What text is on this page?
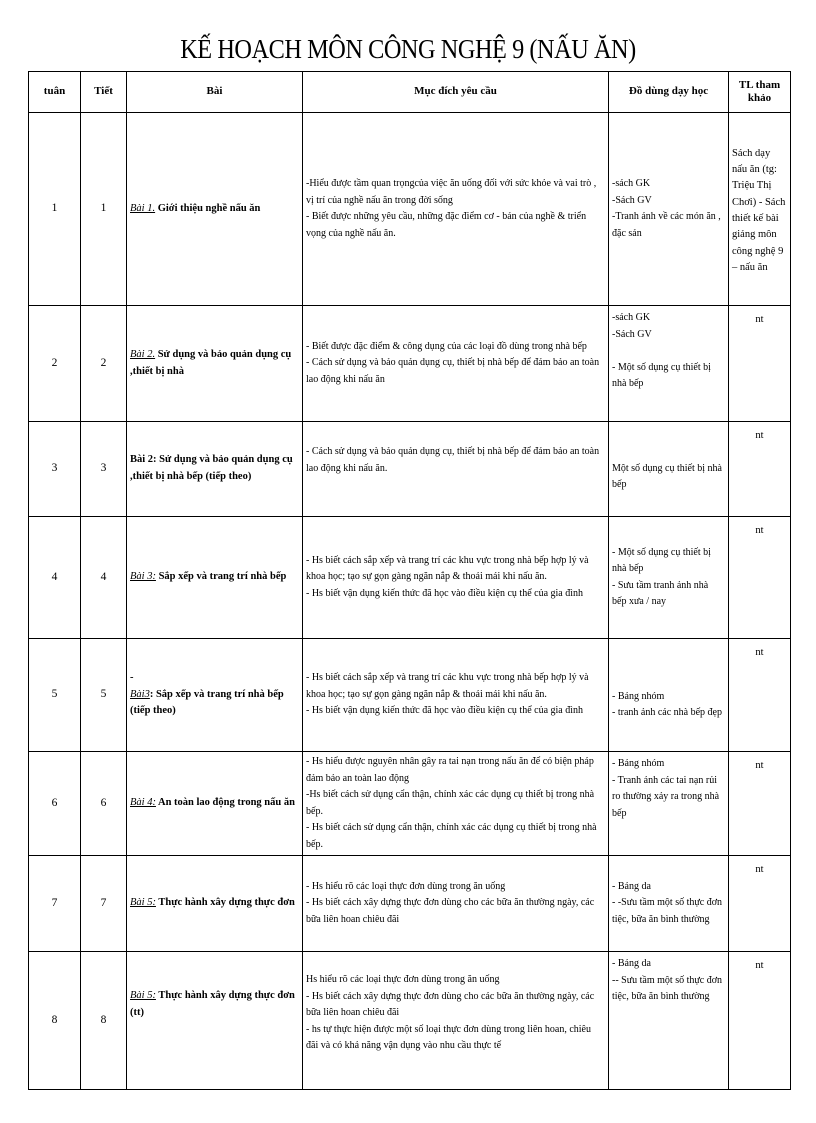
KẾ HOẠCH MÔN CÔNG NGHỆ 9 (NẤU ĂN)
tuân	Tiết	Bài	Mục đích yêu cầu	Đồ dùng dạy học	TL tham khảo
1	1	Bài 1. Giới thiệu nghề nấu ăn	-Hiểu được tầm quan trọngcủa việc ăn uống đối với sức khỏe và vai trò , vị trí của nghề nấu ăn trong đời sống
- Biết được những yêu cầu, những đặc điểm cơ - bản của nghề & triển vọng của nghề nấu ăn.	-sách GK
-Sách GV
-Tranh ảnh về các món ăn , đặc sản	Sách dạy nấu ăn (tg: Triệu Thị Chơi) - Sách thiết kế bài giảng môn công nghệ 9 – nấu ăn
2	2	Bài 2. Sử dụng và bảo quản dụng cụ ,thiết bị nhà	- Biết được đặc điểm & công dụng của các loại đồ dùng trong nhà bếp
- Cách sử dụng và bảo quản dụng cụ, thiết bị nhà bếp để đảm bảo an toàn lao động khi nấu ăn	-sách GK
-Sách GV

- Một số dụng cụ thiết bị nhà bếp	nt
3	3	Bài 2: Sử dụng và bảo quản dụng cụ ,thiết bị nhà bếp (tiếp theo)	- Cách sử dụng và bảo quản dụng cụ, thiết bị nhà bếp để đảm bảo an toàn lao động khi nấu ăn.	Một số dụng cụ thiết bị nhà bếp	nt
4	4	Bài 3: Sắp xếp và trang trí nhà bếp	- Hs biết cách sắp xếp và trang trí các khu vực trong nhà bếp hợp lý và khoa học; tạo sự gọn gàng ngăn nắp & thoải mái khi nấu ăn.
- Hs biết vận dụng kiến thức đã học vào điều kiện cụ thể của gia đình	- Một số dụng cụ thiết bị nhà bếp
- Sưu tầm tranh ảnh nhà bếp xưa / nay	nt
5	5	-
Bài3: Sắp xếp và trang trí nhà bếp (tiếp theo)	- Hs biết cách sắp xếp và trang trí các khu vực trong nhà bếp hợp lý và khoa học; tạo sự gọn gàng ngăn nắp & thoải mái khi nấu ăn.
- Hs biết vận dụng kiến thức đã học vào điều kiện cụ thể của gia đình	- Bảng nhóm
- tranh ảnh các nhà bếp đẹp	nt
6	6	Bài 4: An toàn lao động trong nấu ăn	- Hs hiểu được nguyên nhân gây ra tai nạn trong nấu ăn để có biện pháp đảm bảo an toàn lao động
-Hs biết cách sử dụng cẩn thận, chính xác các dụng cụ thiết bị trong nhà bếp.
- Hs biết cách sử dụng cẩn thận, chính xác các dụng cụ thiết bị trong nhà bếp.	- Bảng nhóm
- Tranh ảnh các tai nạn rủi ro thường xảy ra trong nhà bếp	nt
7	7	Bài 5: Thực hành xây dựng thực đơn	- Hs hiểu rõ các loại thực đơn dùng trong ăn uống
- Hs biết cách xây dựng thực đơn dùng cho các bữa ăn thường ngày, các bữa liên hoan chiêu đãi	- Bảng da
- -Sưu tầm một số thực đơn tiệc, bữa ăn bình thường	nt
8	8	Bài 5: Thực hành xây dựng thực đơn (tt)	Hs hiểu rõ các loại thực đơn dùng trong ăn uống
- Hs biết cách xây dựng thực đơn dùng cho các bữa ăn thường ngày, các bữa liên hoan chiêu đãi
- hs tự thực hiện được một số loại thực đơn dùng trong liên hoan, chiêu đãi và có khả năng vận dụng vào nhu cầu thực tế	- Bảng da
-- Sưu tầm một số thực đơn tiệc, bữa ăn bình thường	nt
